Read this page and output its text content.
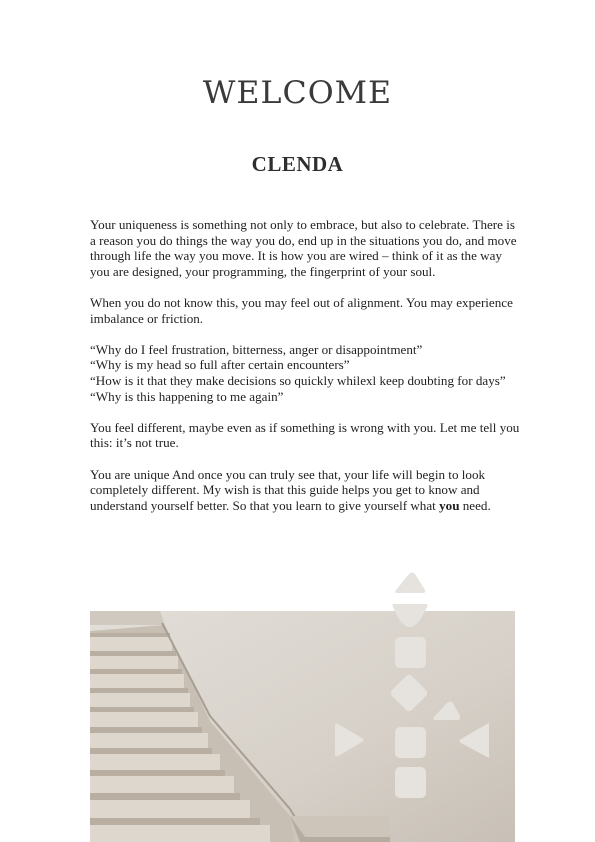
WELCOME
CLENDA

Your uniqueness is something not only to embrace, but also to celebrate. There is a reason you do things the way you do, end up in the situations you do, and move through life the way you move. It is how you are wired – think of it as the way you are designed, your programming, the fingerprint of your soul.

When you do not know this, you may feel out of alignment. You may experience imbalance or friction.

“Why do I feel frustration, bitterness, anger or disappointment”
“Why is my head so full after certain encounters”
“How is it that they make decisions so quickly whilexl keep doubting for days”
“Why is this happening to me again”

You feel different, maybe even as if something is wrong with you. Let me tell you this: it’s not true.

You are unique And once you can truly see that, your life will begin to look completely different. My wish is that this guide helps you get to know and understand yourself better. So that you learn to give yourself what you need.
